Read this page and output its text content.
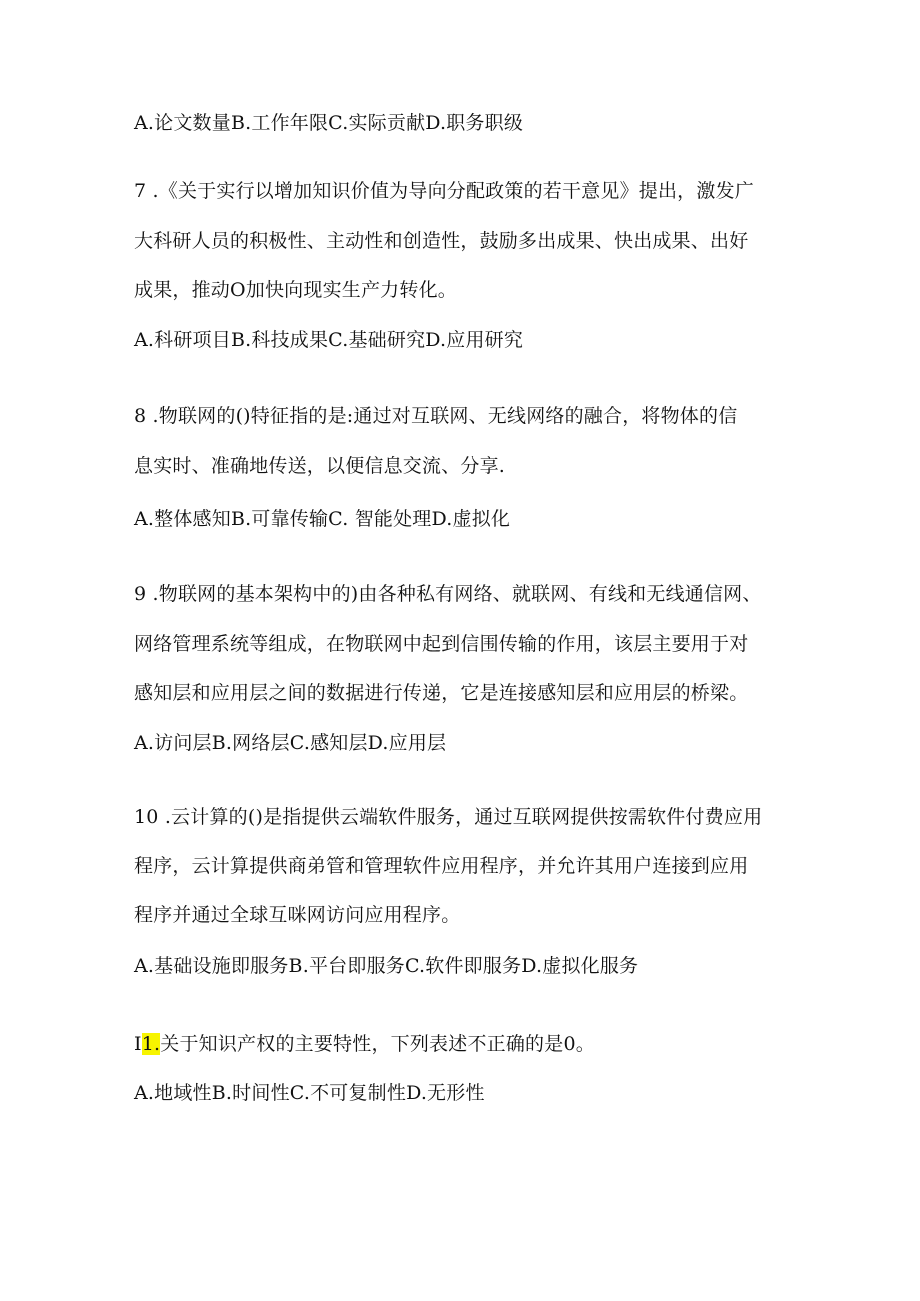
A.论文数量B.工作年限C.实际贡献D.职务职级
7 .《关于实行以增加知识价值为导向分配政策的若干意见》提出，激发广
大科研人员的积极性、主动性和创造性，鼓励多出成果、快出成果、出好
成果，推动O加快向现实生产力转化。
A.科研项目B.科技成果C.基础研究D.应用研究
8 .物联网的()特征指的是:通过对互联网、无线网络的融合，将物体的信
息实时、准确地传送，以便信息交流、分享.
A.整体感知B.可靠传输C. 智能处理D.虚拟化
9 .物联网的基本架构中的)由各种私有网络、就联网、有线和无线通信网、
网络管理系统等组成，在物联网中起到信围传输的作用，该层主要用于对
感知层和应用层之间的数据进行传递，它是连接感知层和应用层的桥梁。
A.访问层B.网络层C.感知层D.应用层
10 .云计算的()是指提供云端软件服务，通过互联网提供按需软件付费应用
程序，云计算提供商弟管和管理软件应用程序，并允许其用户连接到应用
程序并通过全球互咪网访问应用程序。
A.基础设施即服务B.平台即服务C.软件即服务D.虚拟化服务
I1.关于知识产权的主要特性，下列表述不正确的是0。
A.地域性B.时间性C.不可复制性D.无形性
